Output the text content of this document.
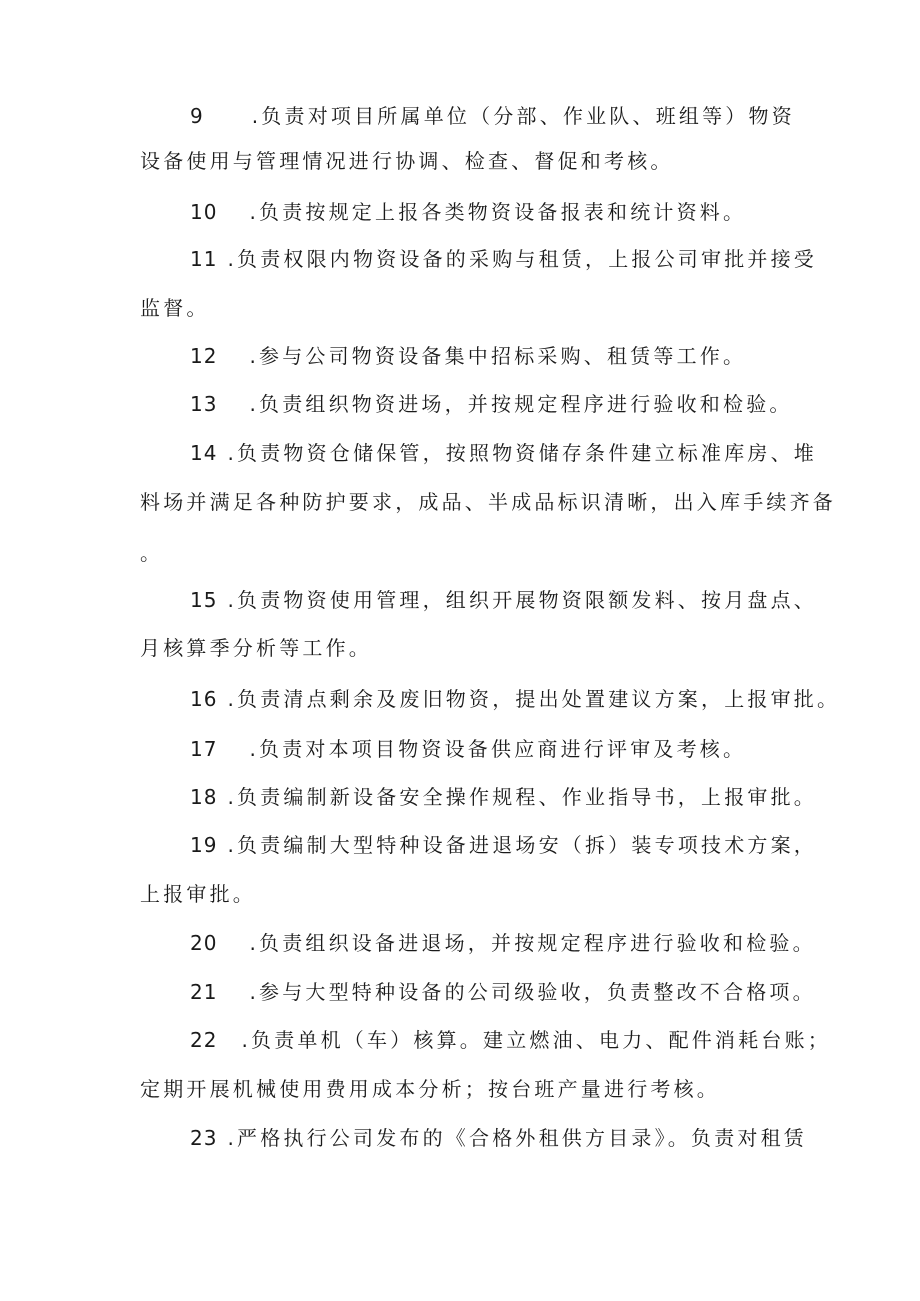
9 .负责对项目所属单位（分部、作业队、班组等）物资
设备使用与管理情况进行协调、检查、督促和考核。
10 .负责按规定上报各类物资设备报表和统计资料。
11 .负责权限内物资设备的采购与租赁，上报公司审批并接受
监督。
12 .参与公司物资设备集中招标采购、租赁等工作。
13 .负责组织物资进场，并按规定程序进行验收和检验。
14 .负责物资仓储保管，按照物资储存条件建立标准库房、堆
料场并满足各种防护要求，成品、半成品标识清晰，出入库手续齐备
。
15 .负责物资使用管理，组织开展物资限额发料、按月盘点、
月核算季分析等工作。
16 .负责清点剩余及废旧物资，提出处置建议方案，上报审批。
17 .负责对本项目物资设备供应商进行评审及考核。
18 .负责编制新设备安全操作规程、作业指导书，上报审批。
19 .负责编制大型特种设备进退场安（拆）装专项技术方案，
上报审批。
20 .负责组织设备进退场，并按规定程序进行验收和检验。
21 .参与大型特种设备的公司级验收，负责整改不合格项。
22 .负责单机（车）核算。建立燃油、电力、配件消耗台账；
定期开展机械使用费用成本分析；按台班产量进行考核。
23 .严格执行公司发布的《合格外租供方目录》。负责对租赁
